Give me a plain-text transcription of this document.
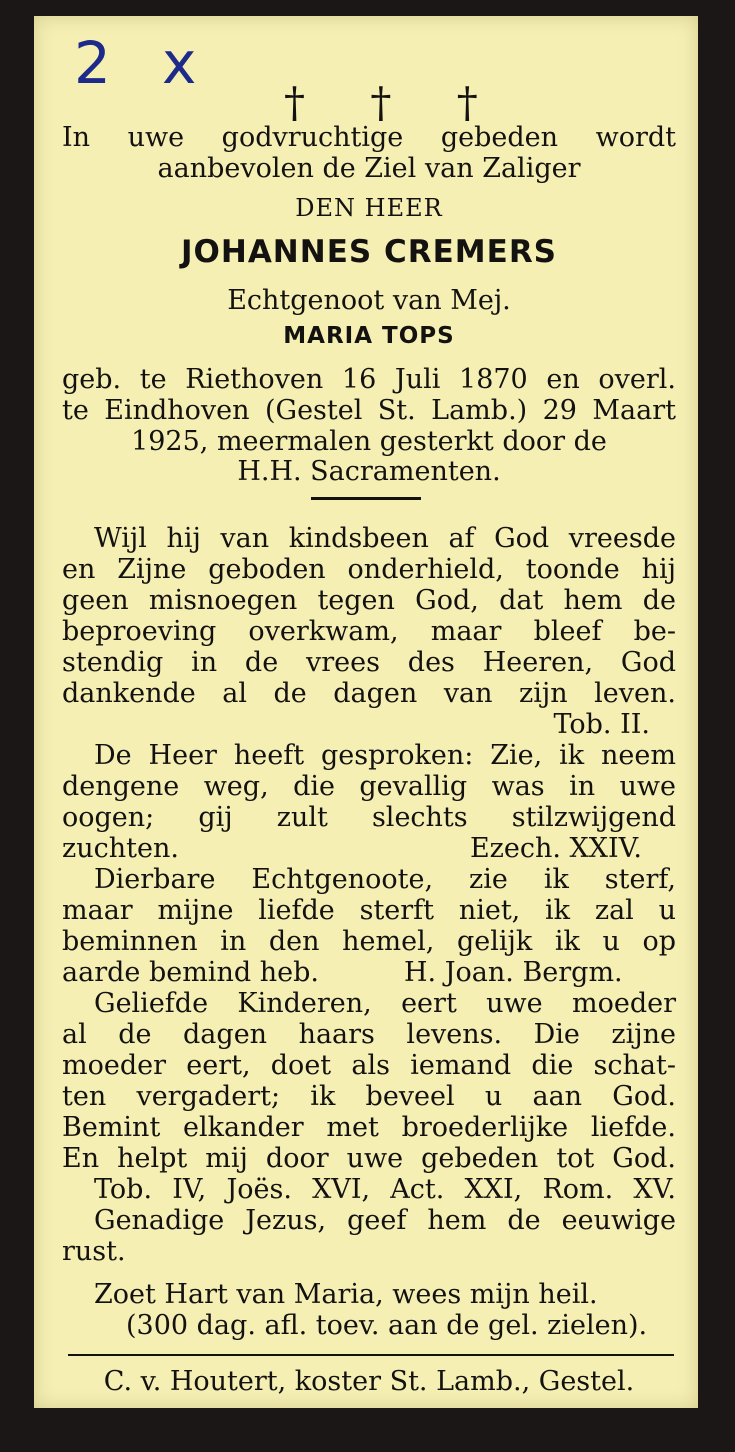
2 x
† † †
In uwe godvruchtige gebeden wordt
aanbevolen de Ziel van Zaliger
DEN HEER
JOHANNES CREMERS
Echtgenoot van Mej.
MARIA TOPS
geb. te Riethoven 16 Juli 1870 en overl.
te Eindhoven (Gestel St. Lamb.) 29 Maart
1925, meermalen gesterkt door de
H.H. Sacramenten.
Wijl hij van kindsbeen af God vreesde
en Zijne geboden onderhield, toonde hij
geen misnoegen tegen God, dat hem de
beproeving overkwam, maar bleef be-
stendig in de vrees des Heeren, God
dankende al de dagen van zijn leven.
Tob. II.
De Heer heeft gesproken: Zie, ik neem
dengene weg, die gevallig was in uwe
oogen; gij zult slechts stilzwijgend
zuchten.	Ezech. XXIV.
Dierbare Echtgenoote, zie ik sterf,
maar mijne liefde sterft niet, ik zal u
beminnen in den hemel, gelijk ik u op
aarde bemind heb.	H. Joan. Bergm.
Geliefde Kinderen, eert uwe moeder
al de dagen haars levens. Die zijne
moeder eert, doet als iemand die schat-
ten vergadert; ik beveel u aan God.
Bemint elkander met broederlijke liefde.
En helpt mij door uwe gebeden tot God.
Tob. IV, Joës. XVI, Act. XXI, Rom. XV.
Genadige Jezus, geef hem de eeuwige
rust.
Zoet Hart van Maria, wees mijn heil.
(300 dag. afl. toev. aan de gel. zielen).
C. v. Houtert, koster St. Lamb., Gestel.
